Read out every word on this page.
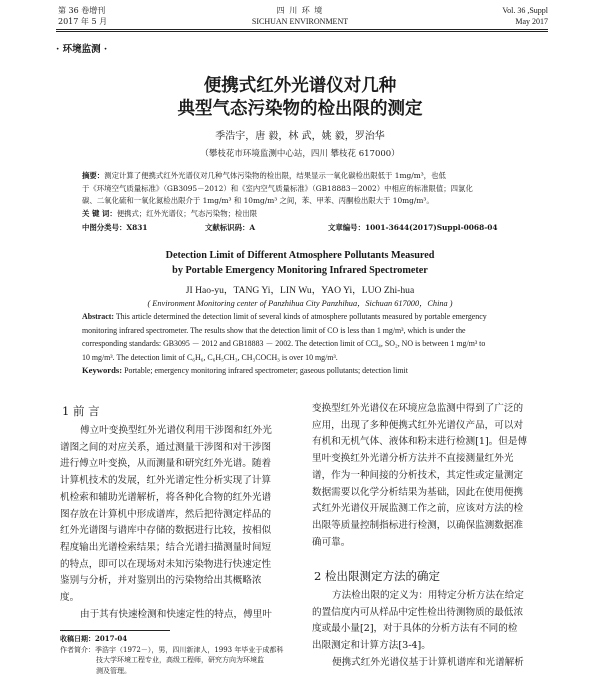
第 36 卷增刊
2017 年 5 月
四 川 环 境
SICHUAN ENVIRONMENT
Vol. 36 ,Suppl
May 2017
· 环境监测 ·
便携式红外光谱仪对几种
典型气态污染物的检出限的测定
季浩宇，唐 毅，林 武，姚 毅，罗治华
（攀枝花市环境监测中心站，四川 攀枝花 617000）
摘要：测定计算了便携式红外光谱仪对几种气体污染物的检出限，结果显示一氧化碳检出限低于 1mg/m³，也低
于《环境空气质量标准》（GB3095－2012）和《室内空气质量标准》（GB18883－2002）中相应的标准限值；四氯化
碳、二氧化硫和一氧化氮检出限介于 1mg/m³ 和 10mg/m³ 之间，苯、甲苯、丙酮检出限大于 10mg/m³。
关 键 词：便携式；红外光谱仪；气态污染物；检出限
中图分类号：X831	文献标识码：A	文章编号：1001-3644(2017)Suppl-0068-04
Detection Limit of Different Atmosphere Pollutants Measured
by Portable Emergency Monitoring Infrared Spectrometer
JI Hao-yu，TANG Yi，LIN Wu，YAO Yi，LUO Zhi-hua
( Environment Monitoring center of Panzhihua City Panzhihua，Sichuan 617000，China )
Abstract: This article determined the detection limit of several kinds of atmosphere pollutants measured by portable emergency
monitoring infrared spectrometer. The results show that the detection limit of CO is less than 1 mg/m³, which is under the
corresponding standards: GB3095 － 2012 and GB18883 － 2002. The detection limit of CCl₄, SO₂, NO is between 1 mg/m³ to
10 mg/m³. The detection limit of C₆H₆, C₆H₅CH₃, CH₃COCH₃ is over 10 mg/m³.
Keywords: Portable; emergency monitoring infrared spectrometer; gaseous pollutants; detection limit
1 前 言
傅立叶变换型红外光谱仪利用干涉图和红外光
谱图之间的对应关系，通过测量干涉图和对干涉图
进行傅立叶变换，从而测量和研究红外光谱。随着
计算机技术的发展，红外光谱定性分析实现了计算
机检索和辅助光谱解析，将各种化合物的红外光谱
图存放在计算机中形成谱库，然后把待测定样品的
红外光谱图与谱库中存储的数据进行比较，按相似
程度输出光谱检索结果；结合光谱扫描测量时间短
的特点，即可以在现场对未知污染物进行快速定性
鉴别与分析，并对鉴别出的污染物给出其概略浓
度。
由于其有快速检测和快速定性的特点，傅里叶
收稿日期：2017-04
作者简介：季浩宇（1972－），男，四川新津人，1993 年毕业于成都科
技大学环境工程专业，高级工程师，研究方向为环境监
测及管理。
变换型红外光谱仪在环境应急监测中得到了广泛的
应用，出现了多种便携式红外光谱仪产品，可以对
有机和无机气体、液体和粉末进行检测[1]。但是傅
里叶变换红外光谱分析方法并不直接测量红外光
谱，作为一种间接的分析技术，其定性或定量测定
数据需要以化学分析结果为基础，因此在使用便携
式红外光谱仪开展监测工作之前，应该对方法的检
出限等质量控制指标进行检测，以确保监测数据准
确可靠。
2 检出限测定方法的确定
方法检出限的定义为：用特定分析方法在给定
的置信度内可从样品中定性检出待测物质的最低浓
度或最小量[2]，对于具体的分析方法有不同的检
出限测定和计算方法[3-4]。
便携式红外光谱仪基于计算机谱库和光谱解析
